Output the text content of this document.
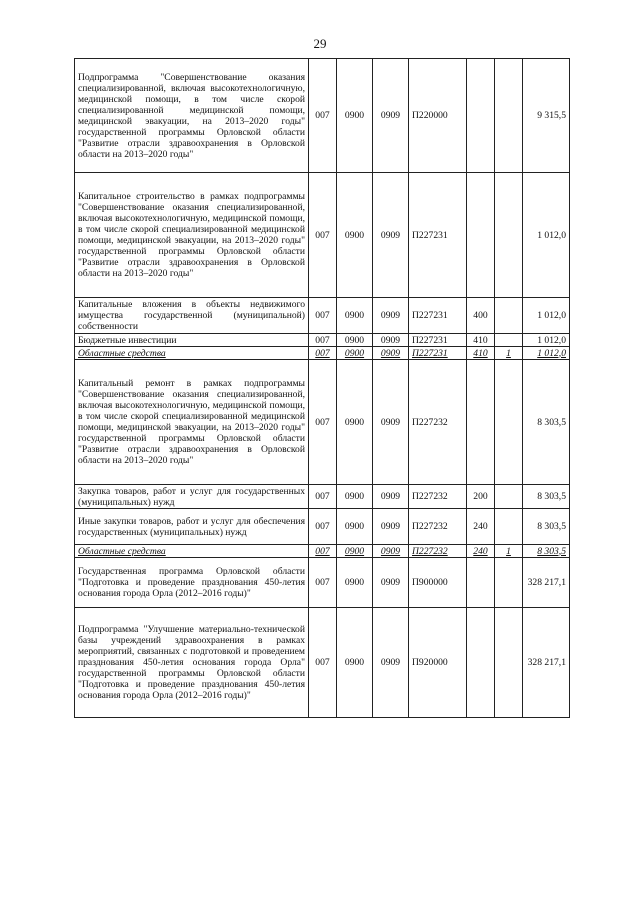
29
Подпрограмма "Совершенствование оказания специализированной, включая высокотехнологичную, медицинской помощи, в том числе скорой специализированной медицинской помощи, медицинской эвакуации, на 2013–2020 годы" государственной программы Орловской области "Развитие отрасли здравоохранения в Орловской области на 2013–2020 годы"	007	0900	0909	П220000			9 315,5
Капитальное строительство в рамках подпрограммы "Совершенствование оказания специализированной, включая высокотехнологичную, медицинской помощи, в том числе скорой специализированной медицинской помощи, медицинской эвакуации, на 2013–2020 годы" государственной программы Орловской области "Развитие отрасли здравоохранения в Орловской области на 2013–2020 годы"	007	0900	0909	П227231			1 012,0
Капитальные вложения в объекты недвижимого имущества государственной (муниципальной) собственности	007	0900	0909	П227231	400		1 012,0
Бюджетные инвестиции	007	0900	0909	П227231	410		1 012,0
Областные средства	007	0900	0909	П227231	410	1	1 012,0
Капитальный ремонт в рамках подпрограммы "Совершенствование оказания специализированной, включая высокотехнологичную, медицинской помощи, в том числе скорой специализированной медицинской помощи, медицинской эвакуации, на 2013–2020 годы" государственной программы Орловской области "Развитие отрасли здравоохранения в Орловской области на 2013–2020 годы"	007	0900	0909	П227232			8 303,5
Закупка товаров, работ и услуг для государственных (муниципальных) нужд	007	0900	0909	П227232	200		8 303,5
Иные закупки товаров, работ и услуг для обеспечения государственных (муниципальных) нужд	007	0900	0909	П227232	240		8 303,5
Областные средства	007	0900	0909	П227232	240	1	8 303,5
Государственная программа Орловской области "Подготовка и проведение празднования 450-летия основания города Орла (2012–2016 годы)"	007	0900	0909	П900000			328 217,1
Подпрограмма "Улучшение материально-технической базы учреждений здравоохранения в рамках мероприятий, связанных с подготовкой и проведением празднования 450-летия основания города Орла" государственной программы Орловской области "Подготовка и проведение празднования 450-летия основания города Орла (2012–2016 годы)"	007	0900	0909	П920000			328 217,1
